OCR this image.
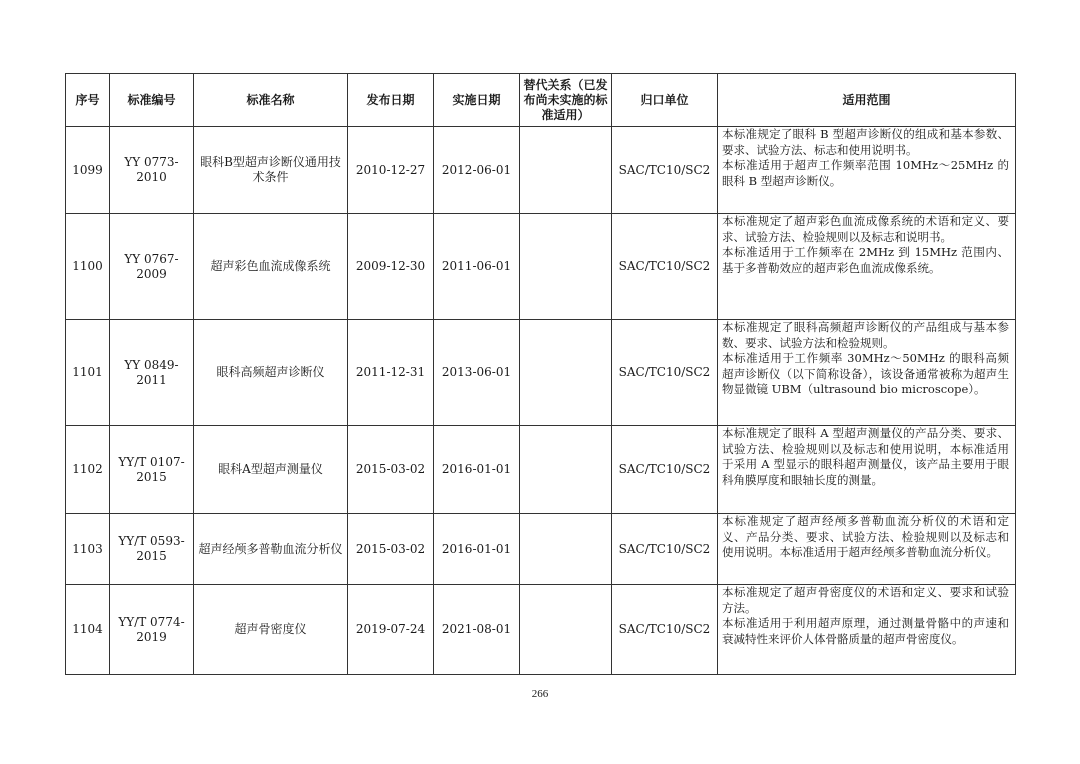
序号	标准编号	标准名称	发布日期	实施日期	替代关系（已发布尚未实施的标准适用）	归口单位	适用范围
1099	YY 0773-2010	眼科B型超声诊断仪通用技术条件	2010-12-27	2012-06-01		SAC/TC10/SC2	本标准规定了眼科 B 型超声诊断仪的组成和基本参数、要求、试验方法、标志和使用说明书。

本标准适用于超声工作频率范围 10MHz～25MHz 的眼科 B 型超声诊断仪。

1100	YY 0767-2009	超声彩色血流成像系统	2009-12-30	2011-06-01		SAC/TC10/SC2	本标准规定了超声彩色血流成像系统的术语和定义、要求、试验方法、检验规则以及标志和说明书。

本标准适用于工作频率在 2MHz 到 15MHz 范围内、基于多普勒效应的超声彩色血流成像系统。

1101	YY 0849-2011	眼科高频超声诊断仪	2011-12-31	2013-06-01		SAC/TC10/SC2	本标准规定了眼科高频超声诊断仪的产品组成与基本参数、要求、试验方法和检验规则。

本标准适用于工作频率 30MHz～50MHz 的眼科高频超声诊断仪（以下简称设备），该设备通常被称为超声生物显微镜 UBM（ultrasound bio microscope）。

1102	YY/T 0107-2015	眼科A型超声测量仪	2015-03-02	2016-01-01		SAC/TC10/SC2	本标准规定了眼科 A 型超声测量仪的产品分类、要求、试验方法、检验规则以及标志和使用说明，本标准适用于采用 A 型显示的眼科超声测量仪，该产品主要用于眼科角膜厚度和眼轴长度的测量。

1103	YY/T 0593-2015	超声经颅多普勒血流分析仪	2015-03-02	2016-01-01		SAC/TC10/SC2	本标准规定了超声经颅多普勒血流分析仪的术语和定义、产品分类、要求、试验方法、检验规则以及标志和使用说明。本标准适用于超声经颅多普勒血流分析仪。

1104	YY/T 0774-2019	超声骨密度仪	2019-07-24	2021-08-01		SAC/TC10/SC2	本标准规定了超声骨密度仪的术语和定义、要求和试验方法。

本标准适用于利用超声原理，通过测量骨骼中的声速和衰减特性来评价人体骨骼质量的超声骨密度仪。

266
